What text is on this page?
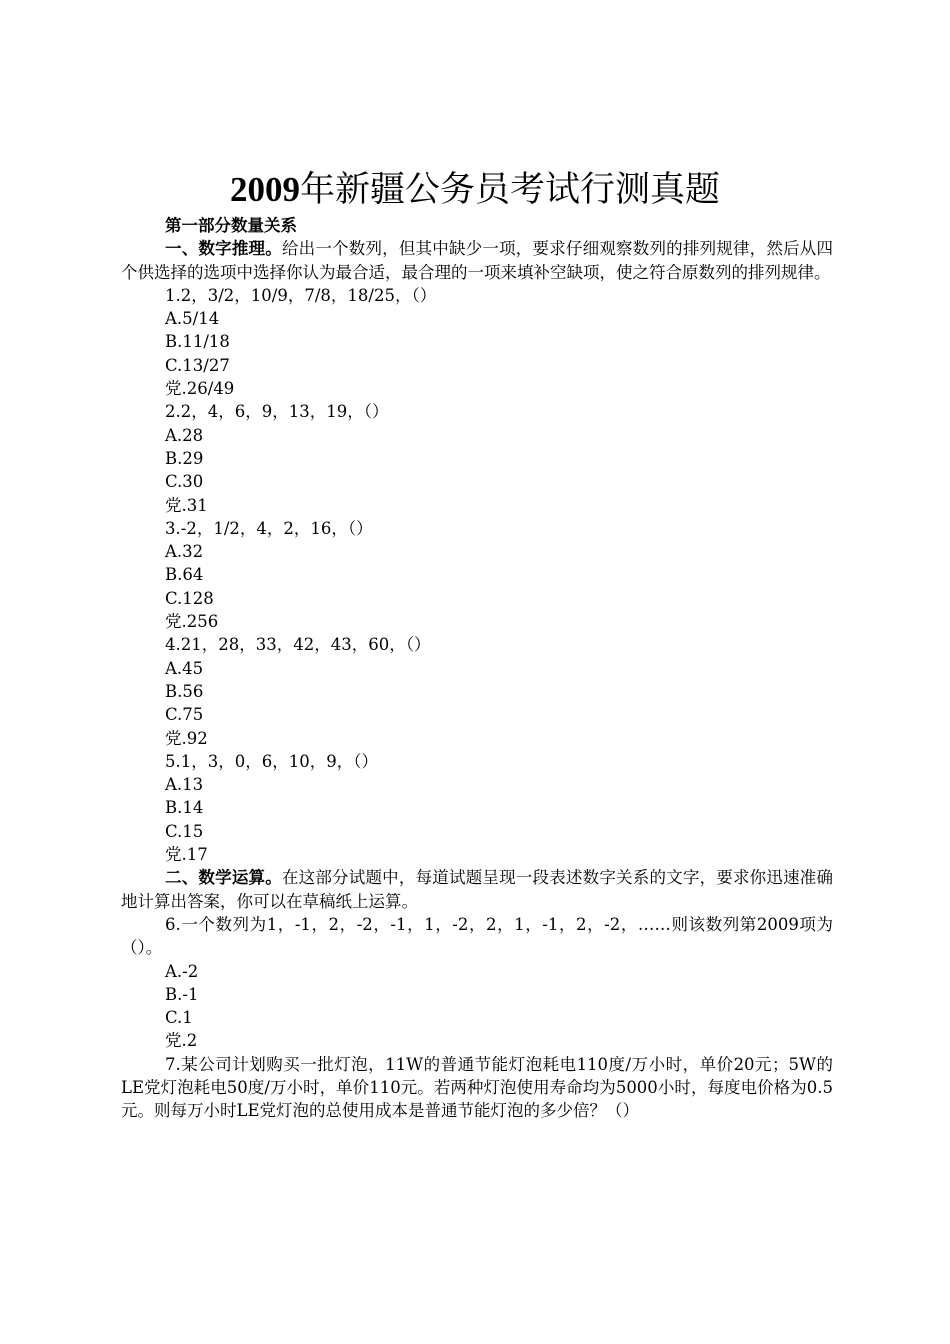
2009年新疆公务员考试行测真题

第一部分数量关系

一、数字推理。给出一个数列，但其中缺少一项，要求仔细观察数列的排列规律，然后从四个供选择的选项中选择你认为最合适，最合理的一项来填补空缺项，使之符合原数列的排列规律。

1.2，3/2，10/9，7/8，18/25，（）

A.5/14

B.11/18

C.13/27

党.26/49

2.2，4，6，9，13，19，（）

A.28

B.29

C.30

党.31

3.-2，1/2，4，2，16，（）

A.32

B.64

C.128

党.256

4.21，28，33，42，43，60，（）

A.45

B.56

C.75

党.92

5.1，3，0，6，10，9，（）

A.13

B.14

C.15

党.17

二、数学运算。在这部分试题中，每道试题呈现一段表述数字关系的文字，要求你迅速准确地计算出答案，你可以在草稿纸上运算。

6.一个数列为1，-1，2，-2，-1，1，-2，2，1，-1，2，-2，……则该数列第2009项为（）。

A.-2

B.-1

C.1

党.2

7.某公司计划购买一批灯泡，11W的普通节能灯泡耗电110度/万小时，单价20元；5W的LE党灯泡耗电50度/万小时，单价110元。若两种灯泡使用寿命均为5000小时，每度电价格为0.5元。则每万小时LE党灯泡的总使用成本是普通节能灯泡的多少倍？（）
